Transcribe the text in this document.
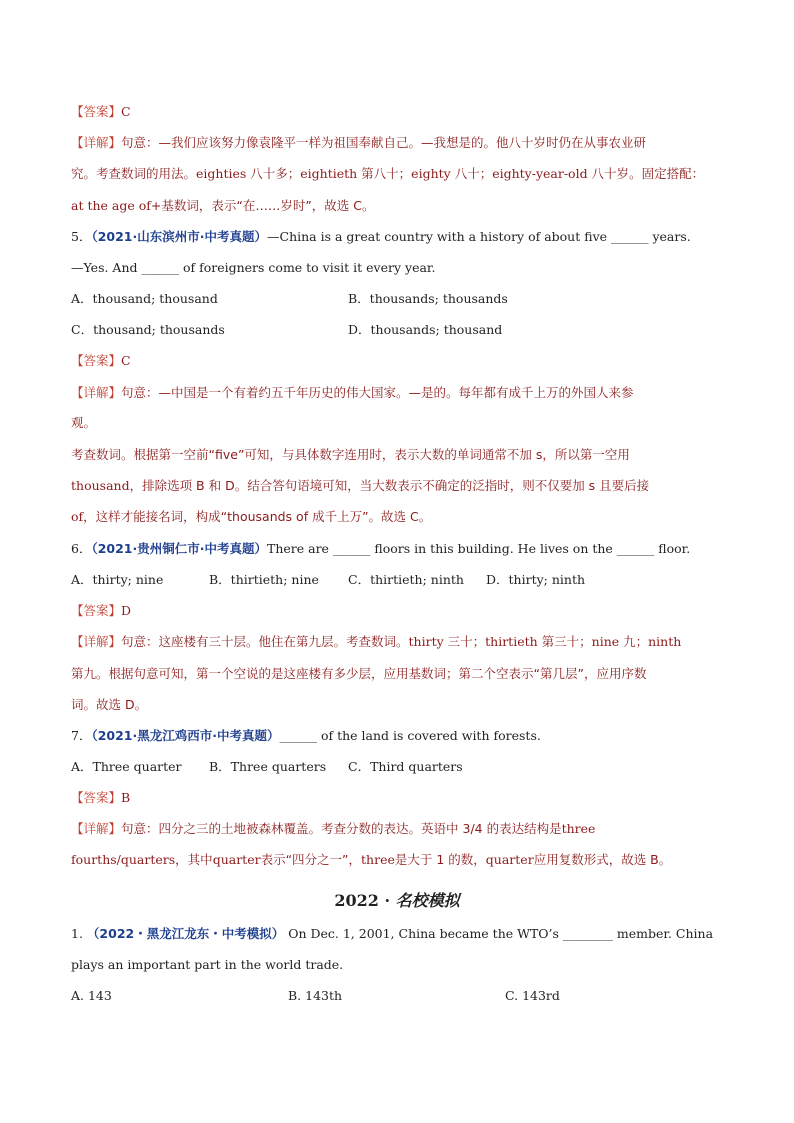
【答案】C
【详解】句意：—我们应该努力像袁隆平一样为祖国奉献自己。—我想是的。他八十岁时仍在从事农业研
究。考查数词的用法。eighties 八十多；eightieth 第八十；eighty 八十；eighty-year-old 八十岁。固定搭配：
at the age of+基数词，表示“在……岁时”，故选 C。
5．（2021·山东滨州市·中考真题）—China is a great country with a history of about five ______ years.
—Yes. And ______ of foreigners come to visit it every year.
A．thousand; thousand	B．thousands; thousands
C．thousand; thousands	D．thousands; thousand
【答案】C
【详解】句意：—中国是一个有着约五千年历史的伟大国家。—是的。每年都有成千上万的外国人来参
观。
考查数词。根据第一空前“five”可知，与具体数字连用时，表示大数的单词通常不加 s，所以第一空用
thousand，排除选项 B 和 D。结合答句语境可知，当大数表示不确定的泛指时，则不仅要加 s 且要后接
of，这样才能接名词，构成“thousands of 成千上万”。故选 C。
6．（2021·贵州铜仁市·中考真题）There are ______ floors in this building. He lives on the ______ floor.
A．thirty; nine	B．thirtieth; nine C．thirtieth; ninth D．thirty; ninth
【答案】D
【详解】句意：这座楼有三十层。他住在第九层。考查数词。thirty 三十；thirtieth 第三十；nine 九；ninth
第九。根据句意可知，第一个空说的是这座楼有多少层，应用基数词；第二个空表示“第几层”，应用序数
词。故选 D。
7．（2021·黑龙江鸡西市·中考真题）______ of the land is covered with forests.
A．Three quarter B．Three quarters C．Third quarters
【答案】B
【详解】句意：四分之三的土地被森林覆盖。考查分数的表达。英语中 3/4 的表达结构是three
fourths/quarters，其中quarter表示“四分之一”，three是大于 1 的数，quarter应用复数形式，故选 B。
2022 · 名校模拟
1. （2022・黑龙江龙东・中考模拟） On Dec. 1, 2001, China became the WTO’s ________ member. China
plays an important part in the world trade.
A. 143	B. 143th	C. 143rd
